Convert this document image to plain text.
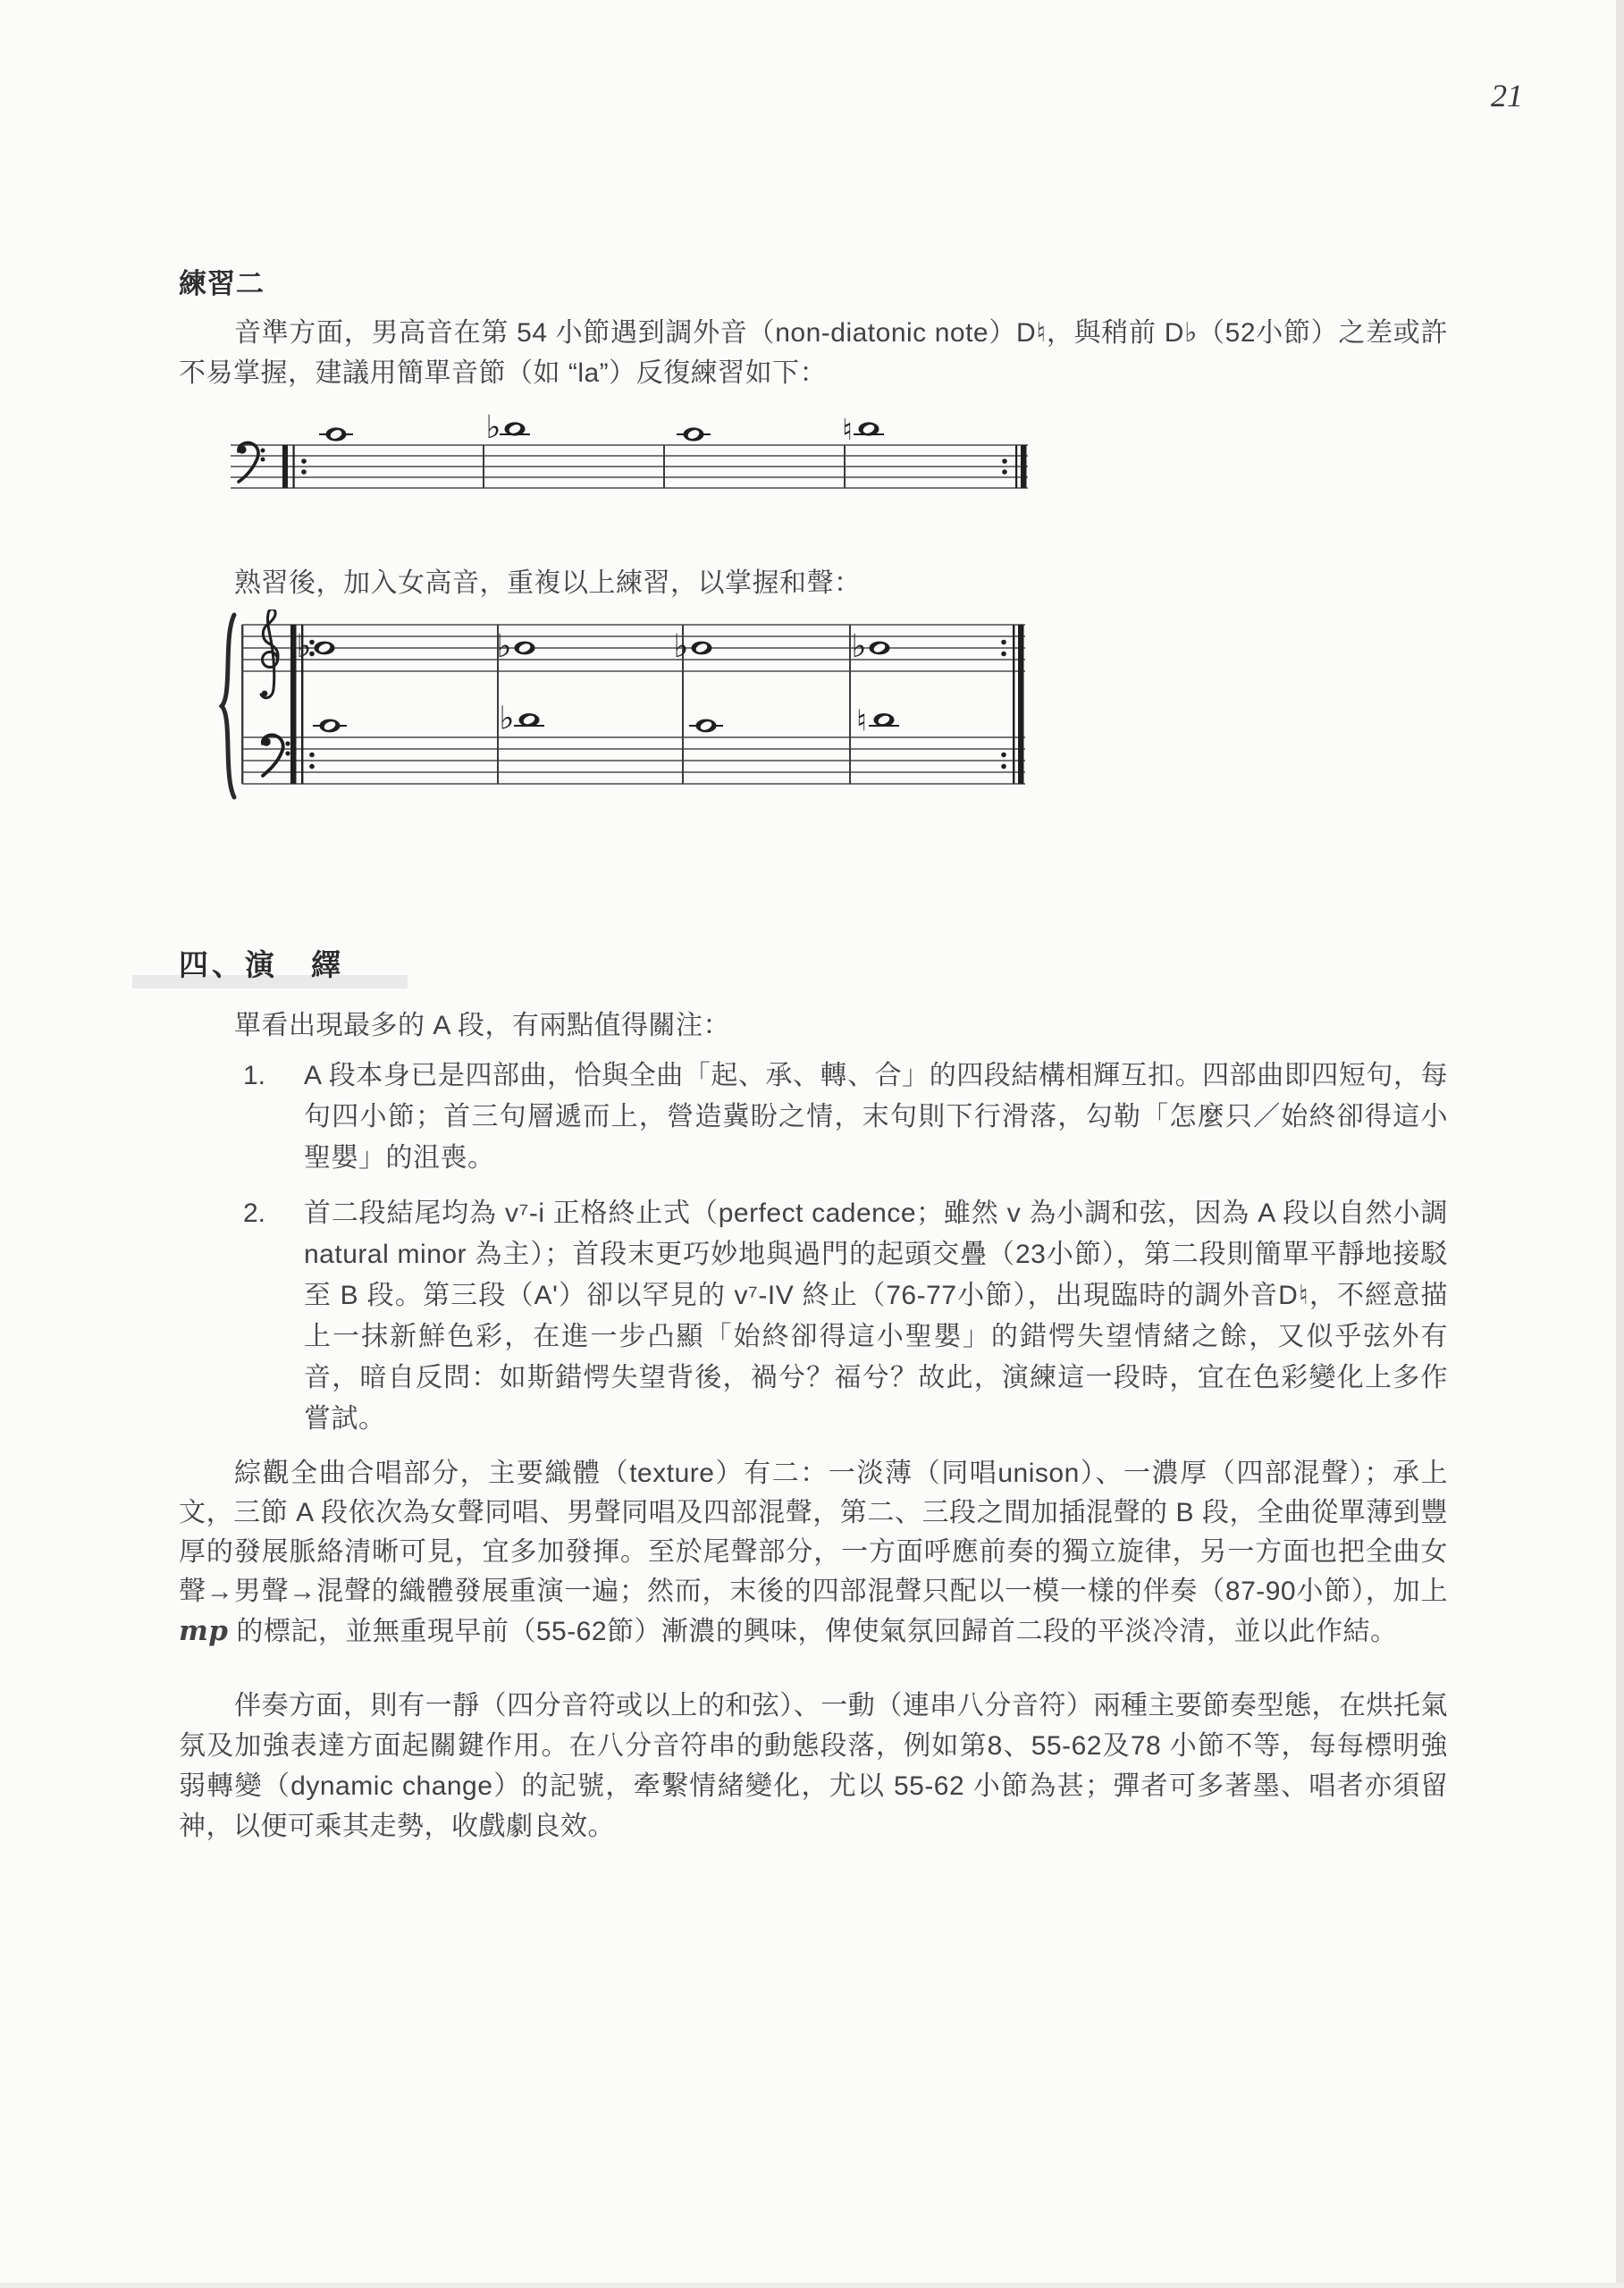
21
練習二
音準方面，男高音在第 54 小節遇到調外音（non-diatonic note）D♮，與稍前 D♭（52小節）之差或許不易掌握，建議用簡單音節（如 “la”）反復練習如下：
♭	♮
熟習後，加入女高音，重複以上練習，以掌握和聲：
♭	♭	♭	♭
♭	♮
四、演　繹
單看出現最多的 A 段，有兩點值得關注：
1.	A 段本身已是四部曲，恰與全曲「起、承、轉、合」的四段結構相輝互扣。四部曲即四短句，每句四小節；首三句層遞而上，營造冀盼之情，末句則下行滑落，勾勒「怎麼只／始終卻得這小聖嬰」的沮喪。
2.	首二段結尾均為 v⁷-i 正格終止式（perfect cadence；雖然 v 為小調和弦，因為 A 段以自然小調 natural minor 為主）；首段末更巧妙地與過門的起頭交疊（23小節），第二段則簡單平靜地接駁至 B 段。第三段（A'）卻以罕見的 v⁷-IV 終止（76-77小節），出現臨時的調外音D♮，不經意描上一抹新鮮色彩，在進一步凸顯「始終卻得這小聖嬰」的錯愕失望情緒之餘，又似乎弦外有音，暗自反問：如斯錯愕失望背後，禍兮？福兮？故此，演練這一段時，宜在色彩變化上多作嘗試。
綜觀全曲合唱部分，主要織體（texture）有二：一淡薄（同唱unison）、一濃厚（四部混聲）；承上文，三節 A 段依次為女聲同唱、男聲同唱及四部混聲，第二、三段之間加插混聲的 B 段，全曲從單薄到豐厚的發展脈絡清晰可見，宜多加發揮。至於尾聲部分，一方面呼應前奏的獨立旋律，另一方面也把全曲女聲→男聲→混聲的織體發展重演一遍；然而，末後的四部混聲只配以一模一樣的伴奏（87-90小節），加上 mp 的標記，並無重現早前（55-62節）漸濃的興味，俾使氣氛回歸首二段的平淡冷清，並以此作結。
伴奏方面，則有一靜（四分音符或以上的和弦）、一動（連串八分音符）兩種主要節奏型態，在烘托氣氛及加強表達方面起關鍵作用。在八分音符串的動態段落，例如第8、55-62及78 小節不等，每每標明強弱轉變（dynamic change）的記號，牽繫情緒變化，尤以 55-62 小節為甚；彈者可多著墨、唱者亦須留神，以便可乘其走勢，收戲劇良效。
